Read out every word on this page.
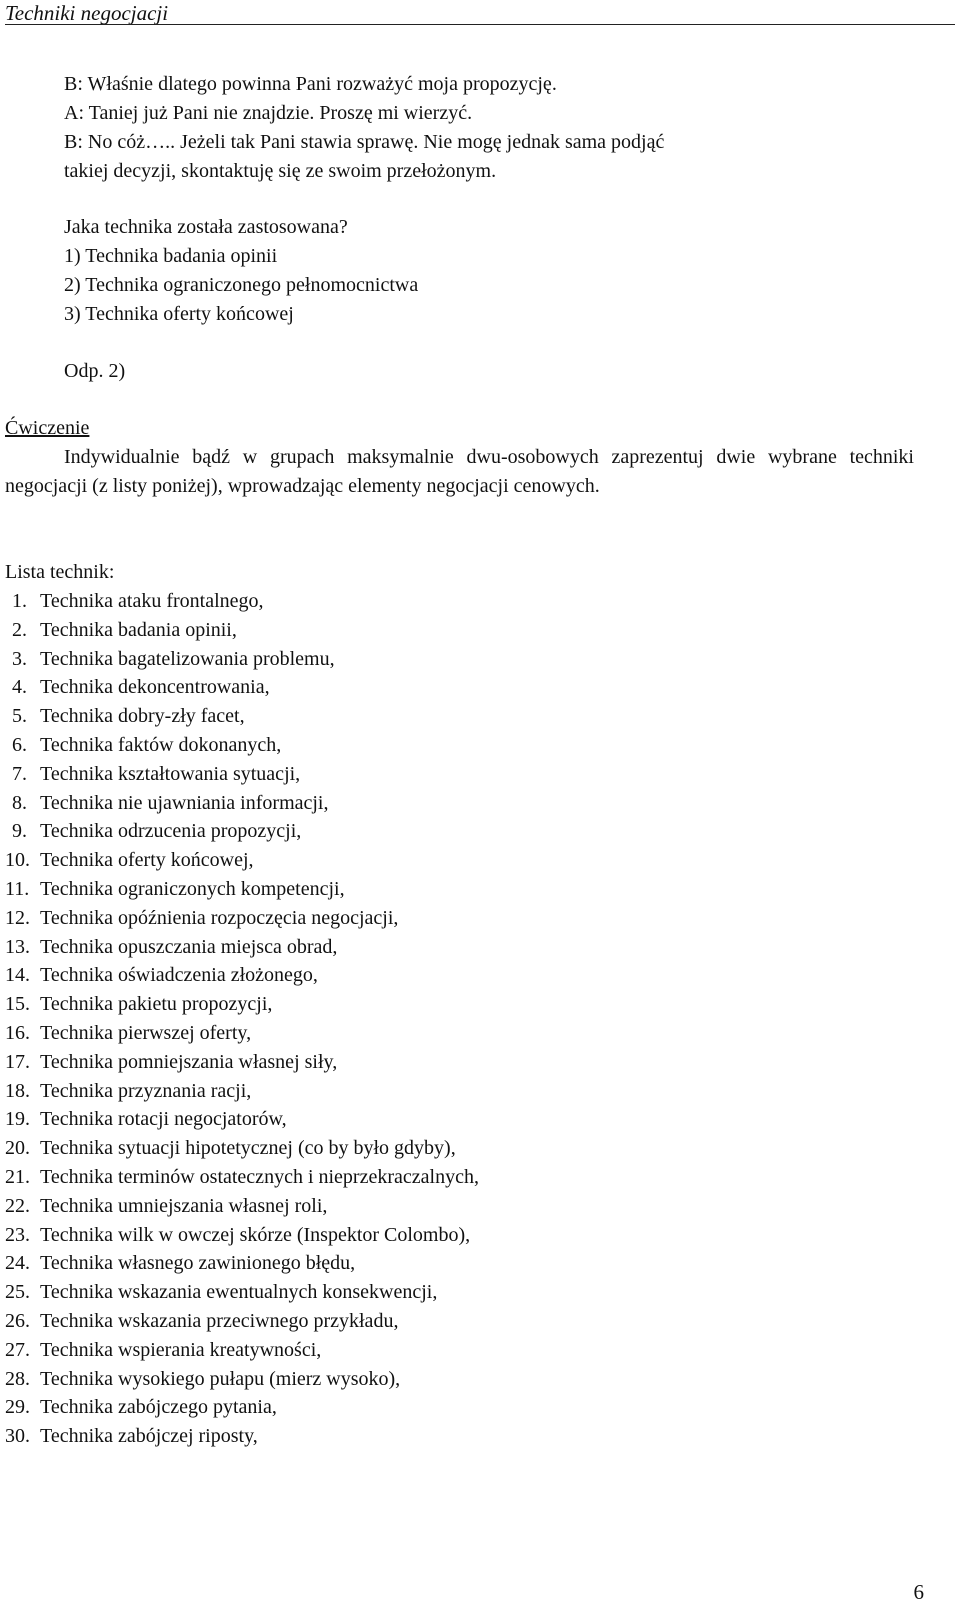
Techniki negocjacji
B: Właśnie dlatego powinna Pani rozważyć moja propozycję.
A: Taniej już Pani nie znajdzie. Proszę mi wierzyć.
B: No cóż….. Jeżeli tak Pani stawia sprawę. Nie mogę jednak sama podjąć
takiej decyzji, skontaktuję się ze swoim przełożonym.
Jaka technika została zastosowana?
1) Technika badania opinii
2) Technika ograniczonego pełnomocnictwa
3) Technika oferty końcowej
Odp. 2)
Ćwiczenie
Indywidualnie bądź w grupach maksymalnie dwu-osobowych zaprezentuj dwie wybrane techniki negocjacji (z listy poniżej), wprowadzając elementy negocjacji cenowych.
Lista technik:
1. Technika ataku frontalnego,
2. Technika badania opinii,
3. Technika bagatelizowania problemu,
4. Technika dekoncentrowania,
5. Technika dobry-zły facet,
6. Technika faktów dokonanych,
7. Technika kształtowania sytuacji,
8. Technika nie ujawniania informacji,
9. Technika odrzucenia propozycji,
10. Technika oferty końcowej,
11. Technika ograniczonych kompetencji,
12. Technika opóźnienia rozpoczęcia negocjacji,
13. Technika opuszczania miejsca obrad,
14. Technika oświadczenia złożonego,
15. Technika pakietu propozycji,
16. Technika pierwszej oferty,
17. Technika pomniejszania własnej siły,
18. Technika przyznania racji,
19. Technika rotacji negocjatorów,
20. Technika sytuacji hipotetycznej (co by było gdyby),
21. Technika terminów ostatecznych i nieprzekraczalnych,
22. Technika umniejszania własnej roli,
23. Technika wilk w owczej skórze (Inspektor Colombo),
24. Technika własnego zawinionego błędu,
25. Technika wskazania ewentualnych konsekwencji,
26. Technika wskazania przeciwnego przykładu,
27. Technika wspierania kreatywności,
28. Technika wysokiego pułapu (mierz wysoko),
29. Technika zabójczego pytania,
30. Technika zabójczej riposty,
6
